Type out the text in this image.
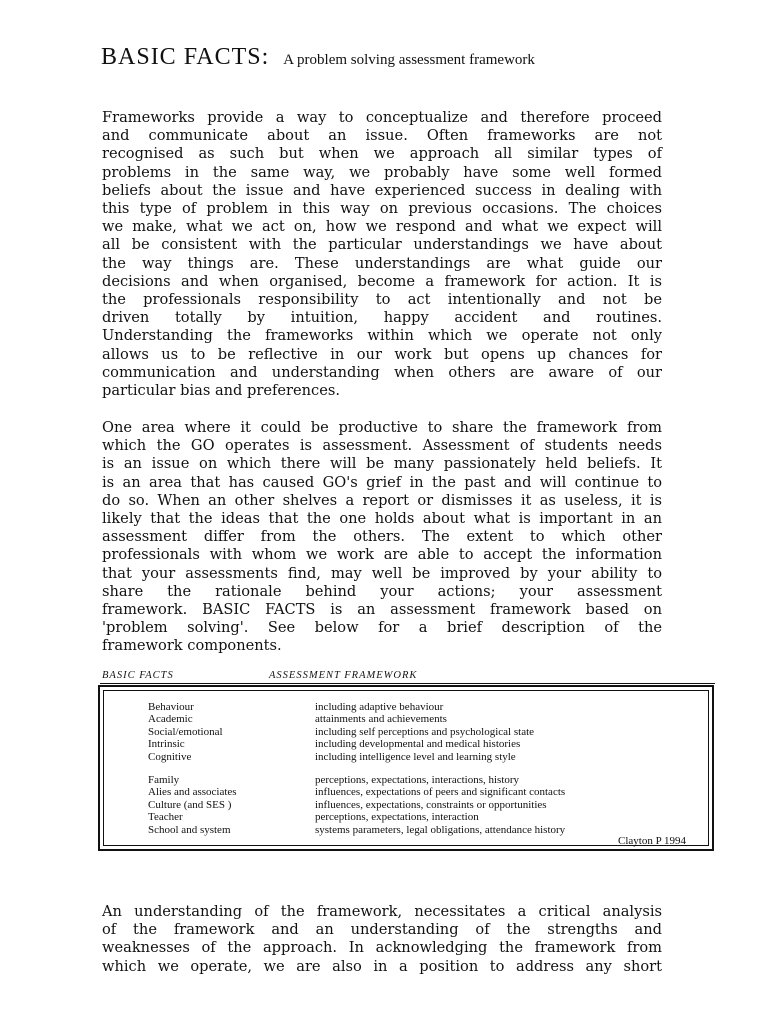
BASIC FACTS: A problem solving assessment framework
Frameworks provide a way to conceptualize and therefore proceed
and communicate about an issue. Often frameworks are not
recognised as such but when we approach all similar types of
problems in the same way, we probably have some well formed
beliefs about the issue and have experienced success in dealing with
this type of problem in this way on previous occasions. The choices
we make, what we act on, how we respond and what we expect will
all be consistent with the particular understandings we have about
the way things are. These understandings are what guide our
decisions and when organised, become a framework for action. It is
the professionals responsibility to act intentionally and not be
driven totally by intuition, happy accident and routines.
Understanding the frameworks within which we operate not only
allows us to be reflective in our work but opens up chances for
communication and understanding when others are aware of our
particular bias and preferences.
One area where it could be productive to share the framework from
which the GO operates is assessment. Assessment of students needs
is an issue on which there will be many passionately held beliefs. It
is an area that has caused GO's grief in the past and will continue to
do so. When an other shelves a report or dismisses it as useless, it is
likely that the ideas that the one holds about what is important in an
assessment differ from the others. The extent to which other
professionals with whom we work are able to accept the information
that your assessments find, may well be improved by your ability to
share the rationale behind your actions; your assessment
framework. BASIC FACTS is an assessment framework based on
'problem solving'. See below for a brief description of the
framework components.
BASIC FACTS	ASSESSMENT FRAMEWORK
Behaviour	including adaptive behaviour
Academic	attainments and achievements
Social/emotional	including self perceptions and psychological state
Intrinsic	including developmental and medical histories
Cognitive	including intelligence level and learning style
Family	perceptions, expectations, interactions, history
Alies and associates	influences, expectations of peers and significant contacts
Culture (and SES )	influences, expectations, constraints or opportunities
Teacher	perceptions, expectations, interaction
School and system	systems parameters, legal obligations, attendance history
Clayton P 1994
An understanding of the framework, necessitates a critical analysis
of the framework and an understanding of the strengths and
weaknesses of the approach. In acknowledging the framework from
which we operate, we are also in a position to address any short
